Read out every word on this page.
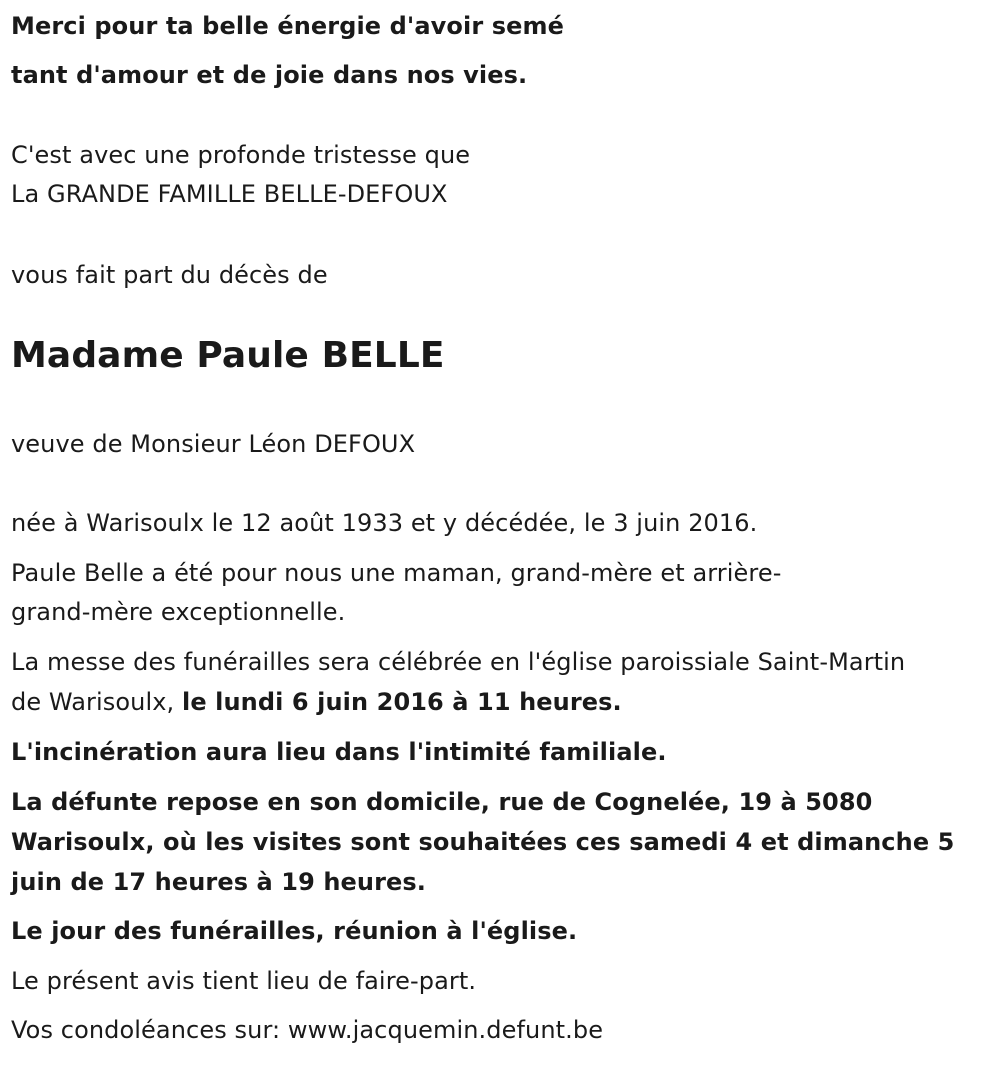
Merci pour ta belle énergie d'avoir semé
tant d'amour et de joie dans nos vies.
C'est avec une profonde tristesse que
La GRANDE FAMILLE BELLE-DEFOUX
vous fait part du décès de
Madame Paule BELLE
veuve de Monsieur Léon DEFOUX
née à Warisoulx le 12 août 1933 et y décédée, le 3 juin 2016.
Paule Belle a été pour nous une maman, grand-mère et arrière-
grand-mère exceptionnelle.
La messe des funérailles sera célébrée en l'église paroissiale Saint-Martin
de Warisoulx, le lundi 6 juin 2016 à 11 heures.
L'incinération aura lieu dans l'intimité familiale.
La défunte repose en son domicile, rue de Cognelée, 19 à 5080
Warisoulx, où les visites sont souhaitées ces samedi 4 et dimanche 5
juin de 17 heures à 19 heures.
Le jour des funérailles, réunion à l'église.
Le présent avis tient lieu de faire-part.
Vos condoléances sur: www.jacquemin.defunt.be
